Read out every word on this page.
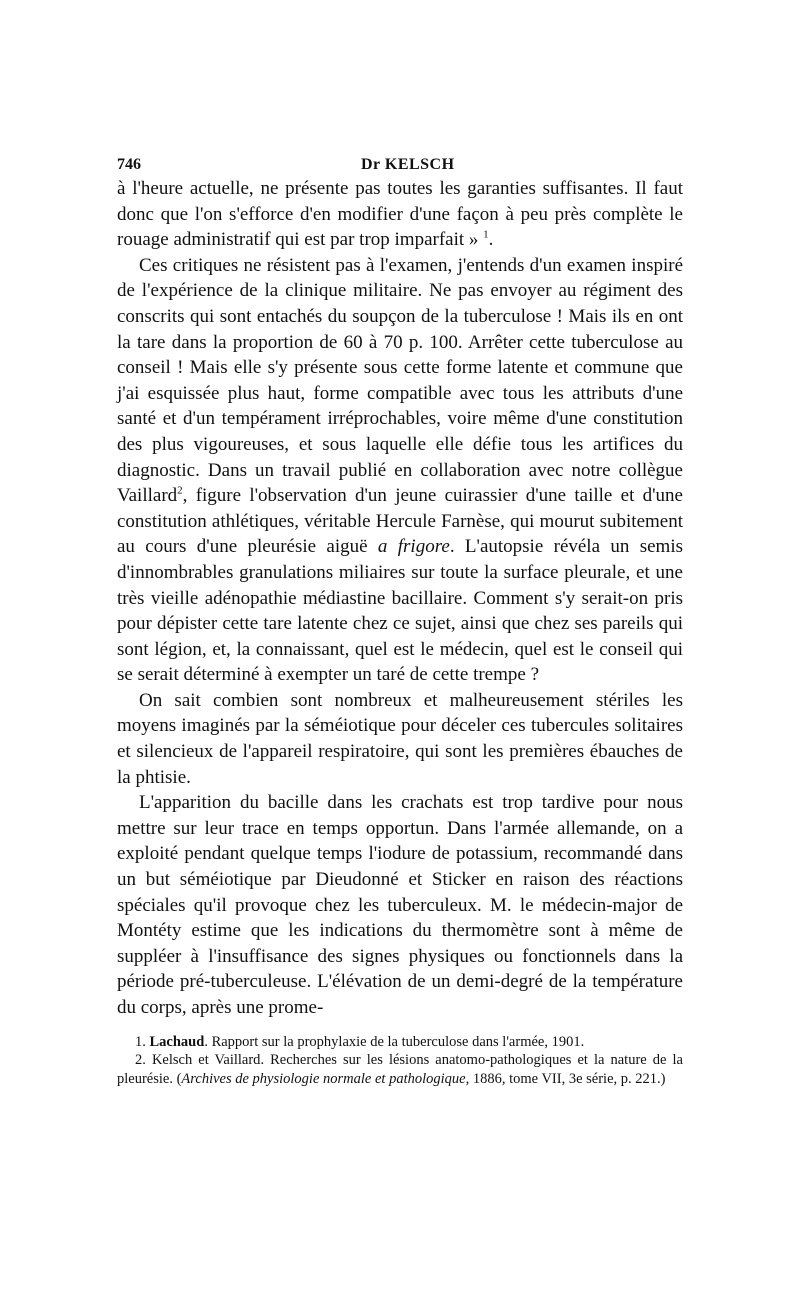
746	Dr KELSCH

à l'heure actuelle, ne présente pas toutes les garanties suffisantes. Il faut donc que l'on s'efforce d'en modifier d'une façon à peu près complète le rouage administratif qui est par trop imparfait » $^1$.

Ces critiques ne résistent pas à l'examen, j'entends d'un examen inspiré de l'expérience de la clinique militaire. Ne pas envoyer au régiment des conscrits qui sont entachés du soupçon de la tuberculose ! Mais ils en ont la tare dans la proportion de 60 à 70 p. 100. Arrêter cette tuberculose au conseil ! Mais elle s'y présente sous cette forme latente et commune que j'ai esquissée plus haut, forme compatible avec tous les attributs d'une santé et d'un tempérament irréprochables, voire même d'une constitution des plus vigoureuses, et sous laquelle elle défie tous les artifices du diagnostic. Dans un travail publié en collaboration avec notre collègue Vaillard$^2$, figure l'observation d'un jeune cuirassier d'une taille et d'une constitution athlétiques, véritable Hercule Farnèse, qui mourut subitement au cours d'une pleurésie aiguë a frigore. L'autopsie révéla un semis d'innombrables granulations miliaires sur toute la surface pleurale, et une très vieille adénopathie médiastine bacillaire. Comment s'y serait-on pris pour dépister cette tare latente chez ce sujet, ainsi que chez ses pareils qui sont légion, et, la connaissant, quel est le médecin, quel est le conseil qui se serait déterminé à exempter un taré de cette trempe ?

On sait combien sont nombreux et malheureusement stériles les moyens imaginés par la séméiotique pour déceler ces tubercules solitaires et silencieux de l'appareil respiratoire, qui sont les premières ébauches de la phtisie.

L'apparition du bacille dans les crachats est trop tardive pour nous mettre sur leur trace en temps opportun. Dans l'armée allemande, on a exploité pendant quelque temps l'iodure de potassium, recommandé dans un but séméiotique par Dieudonné et Sticker en raison des réactions spéciales qu'il provoque chez les tuberculeux. M. le médecin-major de Montéty estime que les indications du thermomètre sont à même de suppléer à l'insuffisance des signes physiques ou fonctionnels dans la période pré-tuberculeuse. L'élévation de un demi-degré de la température du corps, après une prome-

1. Lachaud. Rapport sur la prophylaxie de la tuberculose dans l'armée, 1901.

2. Kelsch et Vaillard. Recherches sur les lésions anatomo-pathologiques et la nature de la pleurésie. (Archives de physiologie normale et pathologique, 1886, tome VII, 3e série, p. 221.)
